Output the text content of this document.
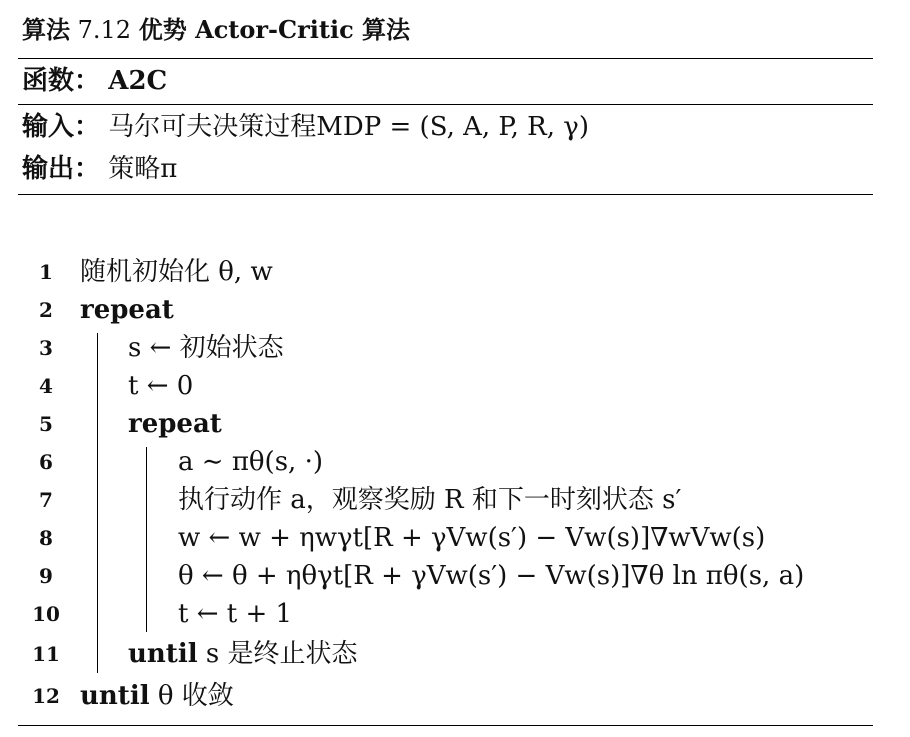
算法 7.12 优势 Actor-Critic 算法
函数： A2C
输入： 马尔可夫决策过程MDP = (S, A, P, R, γ)
输出： 策略π
1	随机初始化 θ, w
2	repeat
3	s ← 初始状态
4	t ← 0
5	repeat
6	a ∼ πθ(s, ·)
7	执行动作 a，观察奖励 R 和下一时刻状态 s′
8	w ← w + ηwγt[R + γVw(s′) − Vw(s)]∇wVw(s)
9	θ ← θ + ηθγt[R + γVw(s′) − Vw(s)]∇θ ln πθ(s, a)
10	t ← t + 1
11	until s 是终止状态
12 until θ 收敛
